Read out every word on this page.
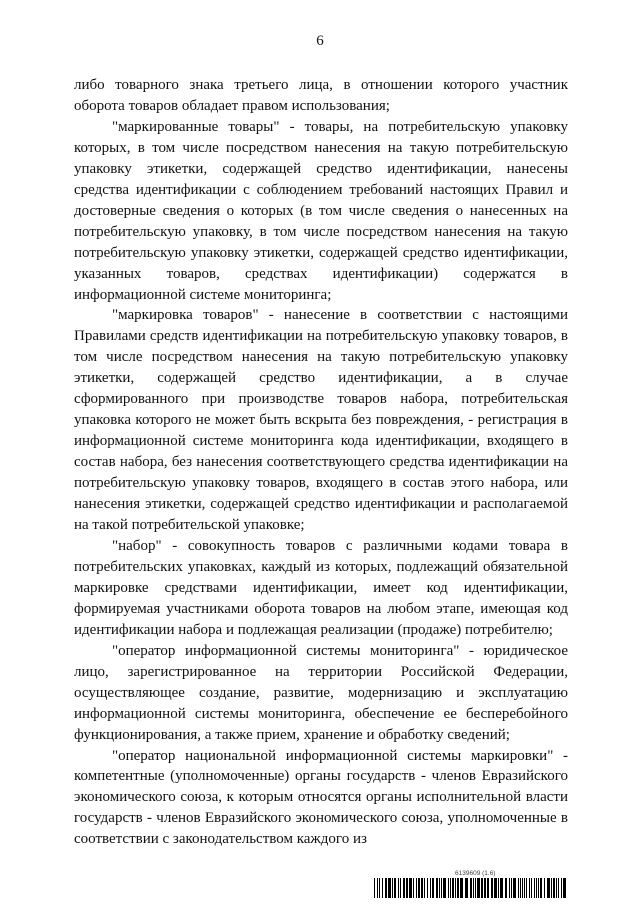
6

либо товарного знака третьего лица, в отношении которого участник оборота товаров обладает правом использования;

"маркированные товары" - товары, на потребительскую упаковку которых, в том числе посредством нанесения на такую потребительскую упаковку этикетки, содержащей средство идентификации, нанесены средства идентификации с соблюдением требований настоящих Правил и достоверные сведения о которых (в том числе сведения о нанесенных на потребительскую упаковку, в том числе посредством нанесения на такую потребительскую упаковку этикетки, содержащей средство идентификации, указанных товаров, средствах идентификации) содержатся в информационной системе мониторинга;

"маркировка товаров" - нанесение в соответствии с настоящими Правилами средств идентификации на потребительскую упаковку товаров, в том числе посредством нанесения на такую потребительскую упаковку этикетки, содержащей средство идентификации, а в случае сформированного при производстве товаров набора, потребительская упаковка которого не может быть вскрыта без повреждения, - регистрация в информационной системе мониторинга кода идентификации, входящего в состав набора, без нанесения соответствующего средства идентификации на потребительскую упаковку товаров, входящего в состав этого набора, или нанесения этикетки, содержащей средство идентификации и располагаемой на такой потребительской упаковке;

"набор" - совокупность товаров с различными кодами товара в потребительских упаковках, каждый из которых, подлежащий обязательной маркировке средствами идентификации, имеет код идентификации, формируемая участниками оборота товаров на любом этапе, имеющая код идентификации набора и подлежащая реализации (продаже) потребителю;

"оператор информационной системы мониторинга" - юридическое лицо, зарегистрированное на территории Российской Федерации, осуществляющее создание, развитие, модернизацию и эксплуатацию информационной системы мониторинга, обеспечение ее бесперебойного функционирования, а также прием, хранение и обработку сведений;

"оператор национальной информационной системы маркировки" - компетентные (уполномоченные) органы государств - членов Евразийского экономического союза, к которым относятся органы исполнительной власти государств - членов Евразийского экономического союза, уполномоченные в соответствии с законодательством каждого из

6139609 (1.6)
